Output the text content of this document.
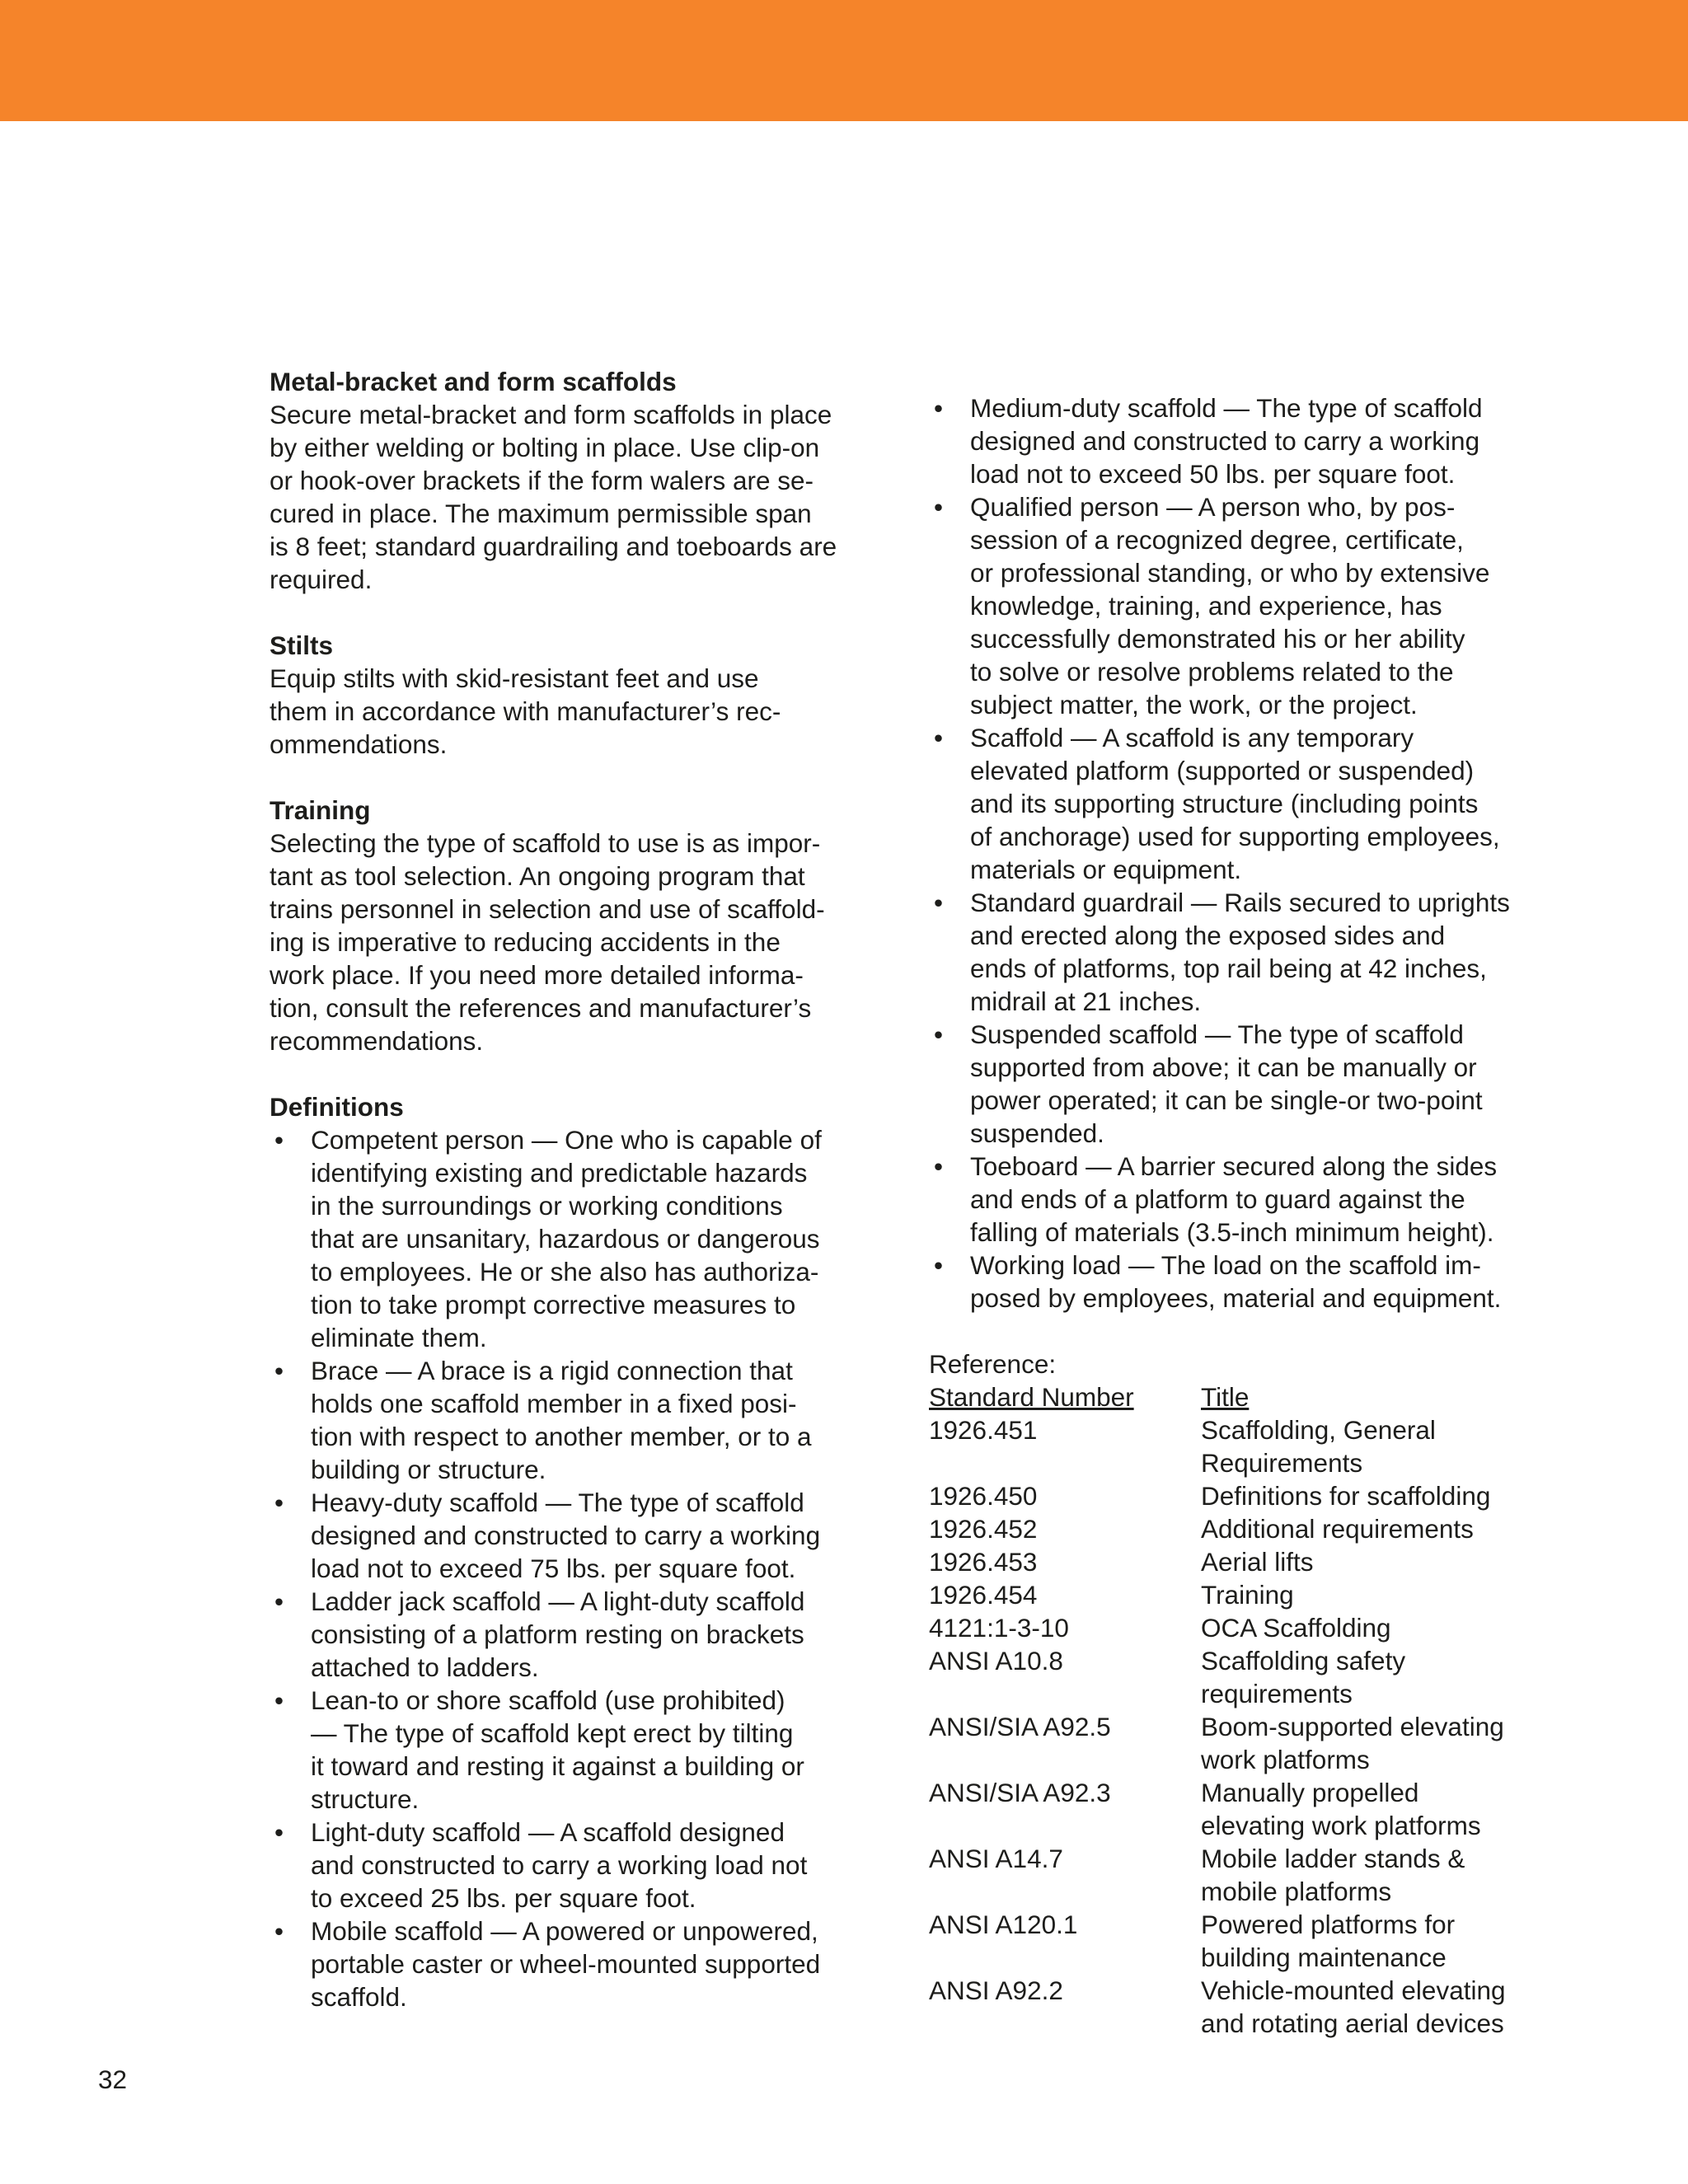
Metal-bracket and form scaffolds

Secure metal-bracket and form scaffolds in place
by either welding or bolting in place. Use clip-on
or hook-over brackets if the form walers are se-
cured in place. The maximum permissible span
is 8 feet; standard guardrailing and toeboards are
required.

Stilts

Equip stilts with skid-resistant feet and use
them in accordance with manufacturer’s rec-
ommendations.

Training

Selecting the type of scaffold to use is as impor-
tant as tool selection. An ongoing program that
trains personnel in selection and use of scaffold-
ing is imperative to reducing accidents in the
work place. If you need more detailed informa-
tion, consult the references and manufacturer’s
recommendations.

Definitions
• Competent person — One who is capable of
identifying existing and predictable hazards
in the surroundings or working conditions
that are unsanitary, hazardous or dangerous
to employees. He or she also has authoriza-
tion to take prompt corrective measures to
eliminate them.
• Brace — A brace is a rigid connection that
holds one scaffold member in a fixed posi-
tion with respect to another member, or to a
building or structure.
• Heavy-duty scaffold — The type of scaffold
designed and constructed to carry a working
load not to exceed 75 lbs. per square foot.
• Ladder jack scaffold — A light-duty scaffold
consisting of a platform resting on brackets
attached to ladders.
• Lean-to or shore scaffold (use prohibited)
— The type of scaffold kept erect by tilting
it toward and resting it against a building or
structure.
• Light-duty scaffold — A scaffold designed
and constructed to carry a working load not
to exceed 25 lbs. per square foot.
• Mobile scaffold — A powered or unpowered,
portable caster or wheel-mounted supported
scaffold.
• Medium-duty scaffold — The type of scaffold
designed and constructed to carry a working
load not to exceed 50 lbs. per square foot.
• Qualified person — A person who, by pos-
session of a recognized degree, certificate,
or professional standing, or who by extensive
knowledge, training, and experience, has
successfully demonstrated his or her ability
to solve or resolve problems related to the
subject matter, the work, or the project.
• Scaffold — A scaffold is any temporary
elevated platform (supported or suspended)
and its supporting structure (including points
of anchorage) used for supporting employees,
materials or equipment.
• Standard guardrail — Rails secured to uprights
and erected along the exposed sides and
ends of platforms, top rail being at 42 inches,
midrail at 21 inches.
• Suspended scaffold — The type of scaffold
supported from above; it can be manually or
power operated; it can be single-or two-point
suspended.
• Toeboard — A barrier secured along the sides
and ends of a platform to guard against the
falling of materials (3.5-inch minimum height).
• Working load — The load on the scaffold im-
posed by employees, material and equipment.
Reference:
Standard Number	Title
1926.451	Scaffolding, General
Requirements

1926.450	Definitions for scaffolding

1926.452	Additional requirements

1926.453	Aerial lifts

1926.454	Training

4121:1-3-10	OCA Scaffolding

ANSI A10.8	Scaffolding safety
requirements

ANSI/SIA A92.5	Boom-supported elevating
work platforms

ANSI/SIA A92.3	Manually propelled
elevating work platforms

ANSI A14.7	Mobile ladder stands &
mobile platforms

ANSI A120.1	Powered platforms for
building maintenance

ANSI A92.2	Vehicle-mounted elevating
and rotating aerial devices
32
